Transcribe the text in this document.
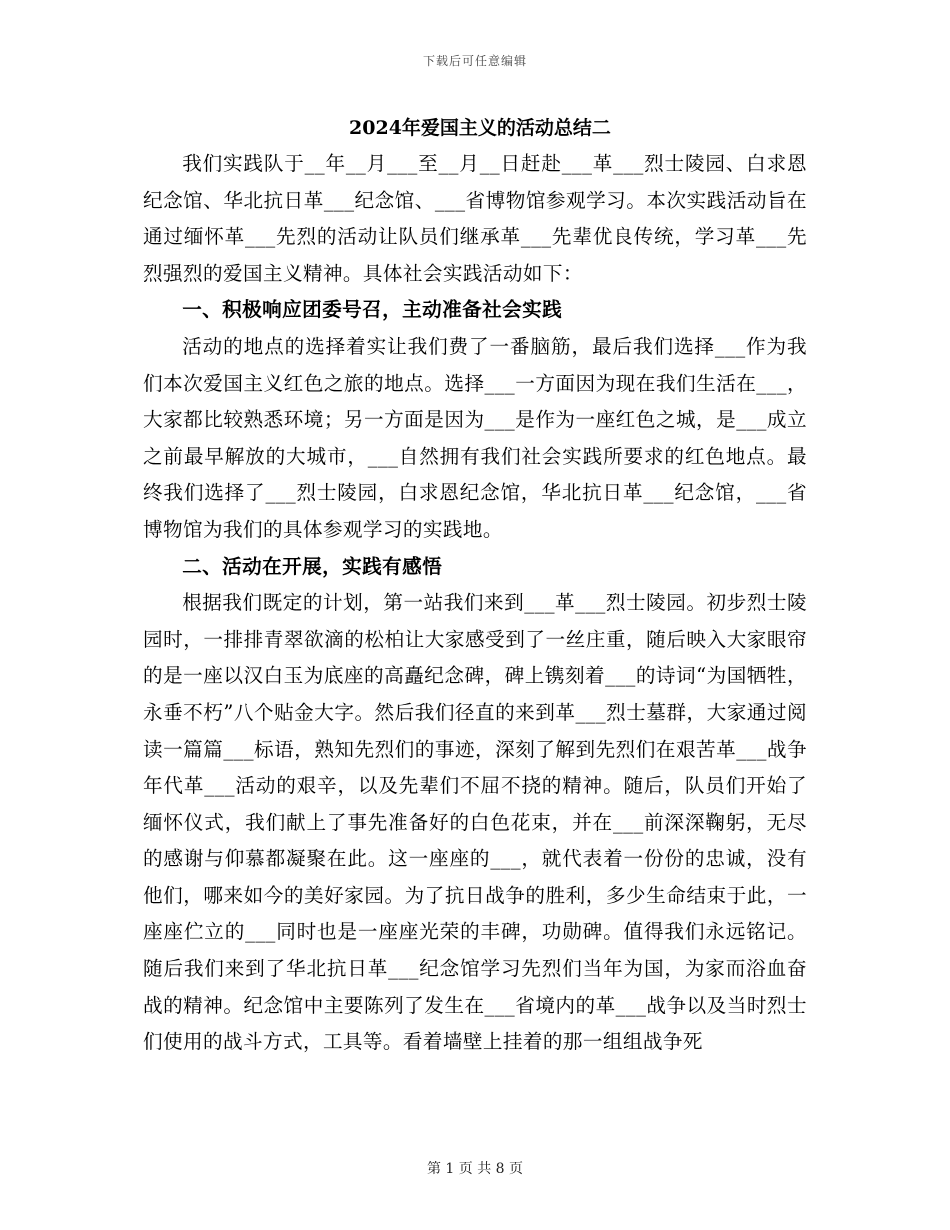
下载后可任意编辑
2024年爱国主义的活动总结二

我们实践队于__年__月___至__月__日赶赴___革___烈士陵园、白求恩纪念馆、华北抗日革___纪念馆、___省博物馆参观学习。本次实践活动旨在通过缅怀革___先烈的活动让队员们继承革___先辈优良传统，学习革___先烈强烈的爱国主义精神。具体社会实践活动如下：

一、积极响应团委号召，主动准备社会实践

活动的地点的选择着实让我们费了一番脑筋，最后我们选择___作为我们本次爱国主义红色之旅的地点。选择___一方面因为现在我们生活在___，大家都比较熟悉环境；另一方面是因为___是作为一座红色之城，是___成立之前最早解放的大城市，___自然拥有我们社会实践所要求的红色地点。最终我们选择了___烈士陵园，白求恩纪念馆，华北抗日革___纪念馆，___省博物馆为我们的具体参观学习的实践地。

二、活动在开展，实践有感悟

根据我们既定的计划，第一站我们来到___革___烈士陵园。初步烈士陵园时，一排排青翠欲滴的松柏让大家感受到了一丝庄重，随后映入大家眼帘的是一座以汉白玉为底座的高矗纪念碑，碑上镌刻着___的诗词“为国牺牲，永垂不朽”八个贴金大字。然后我们径直的来到革___烈士墓群，大家通过阅读一篇篇___标语，熟知先烈们的事迹，深刻了解到先烈们在艰苦革___战争年代革___活动的艰辛，以及先辈们不屈不挠的精神。随后，队员们开始了缅怀仪式，我们献上了事先准备好的白色花束，并在___前深深鞠躬，无尽的感谢与仰慕都凝聚在此。这一座座的___，就代表着一份份的忠诚，没有他们，哪来如今的美好家园。为了抗日战争的胜利，多少生命结束于此，一座座伫立的___同时也是一座座光荣的丰碑，功勋碑。值得我们永远铭记。随后我们来到了华北抗日革___纪念馆学习先烈们当年为国，为家而浴血奋战的精神。纪念馆中主要陈列了发生在___省境内的革___战争以及当时烈士们使用的战斗方式，工具等。看着墙壁上挂着的那一组组战争死

第 1 页 共 8 页
